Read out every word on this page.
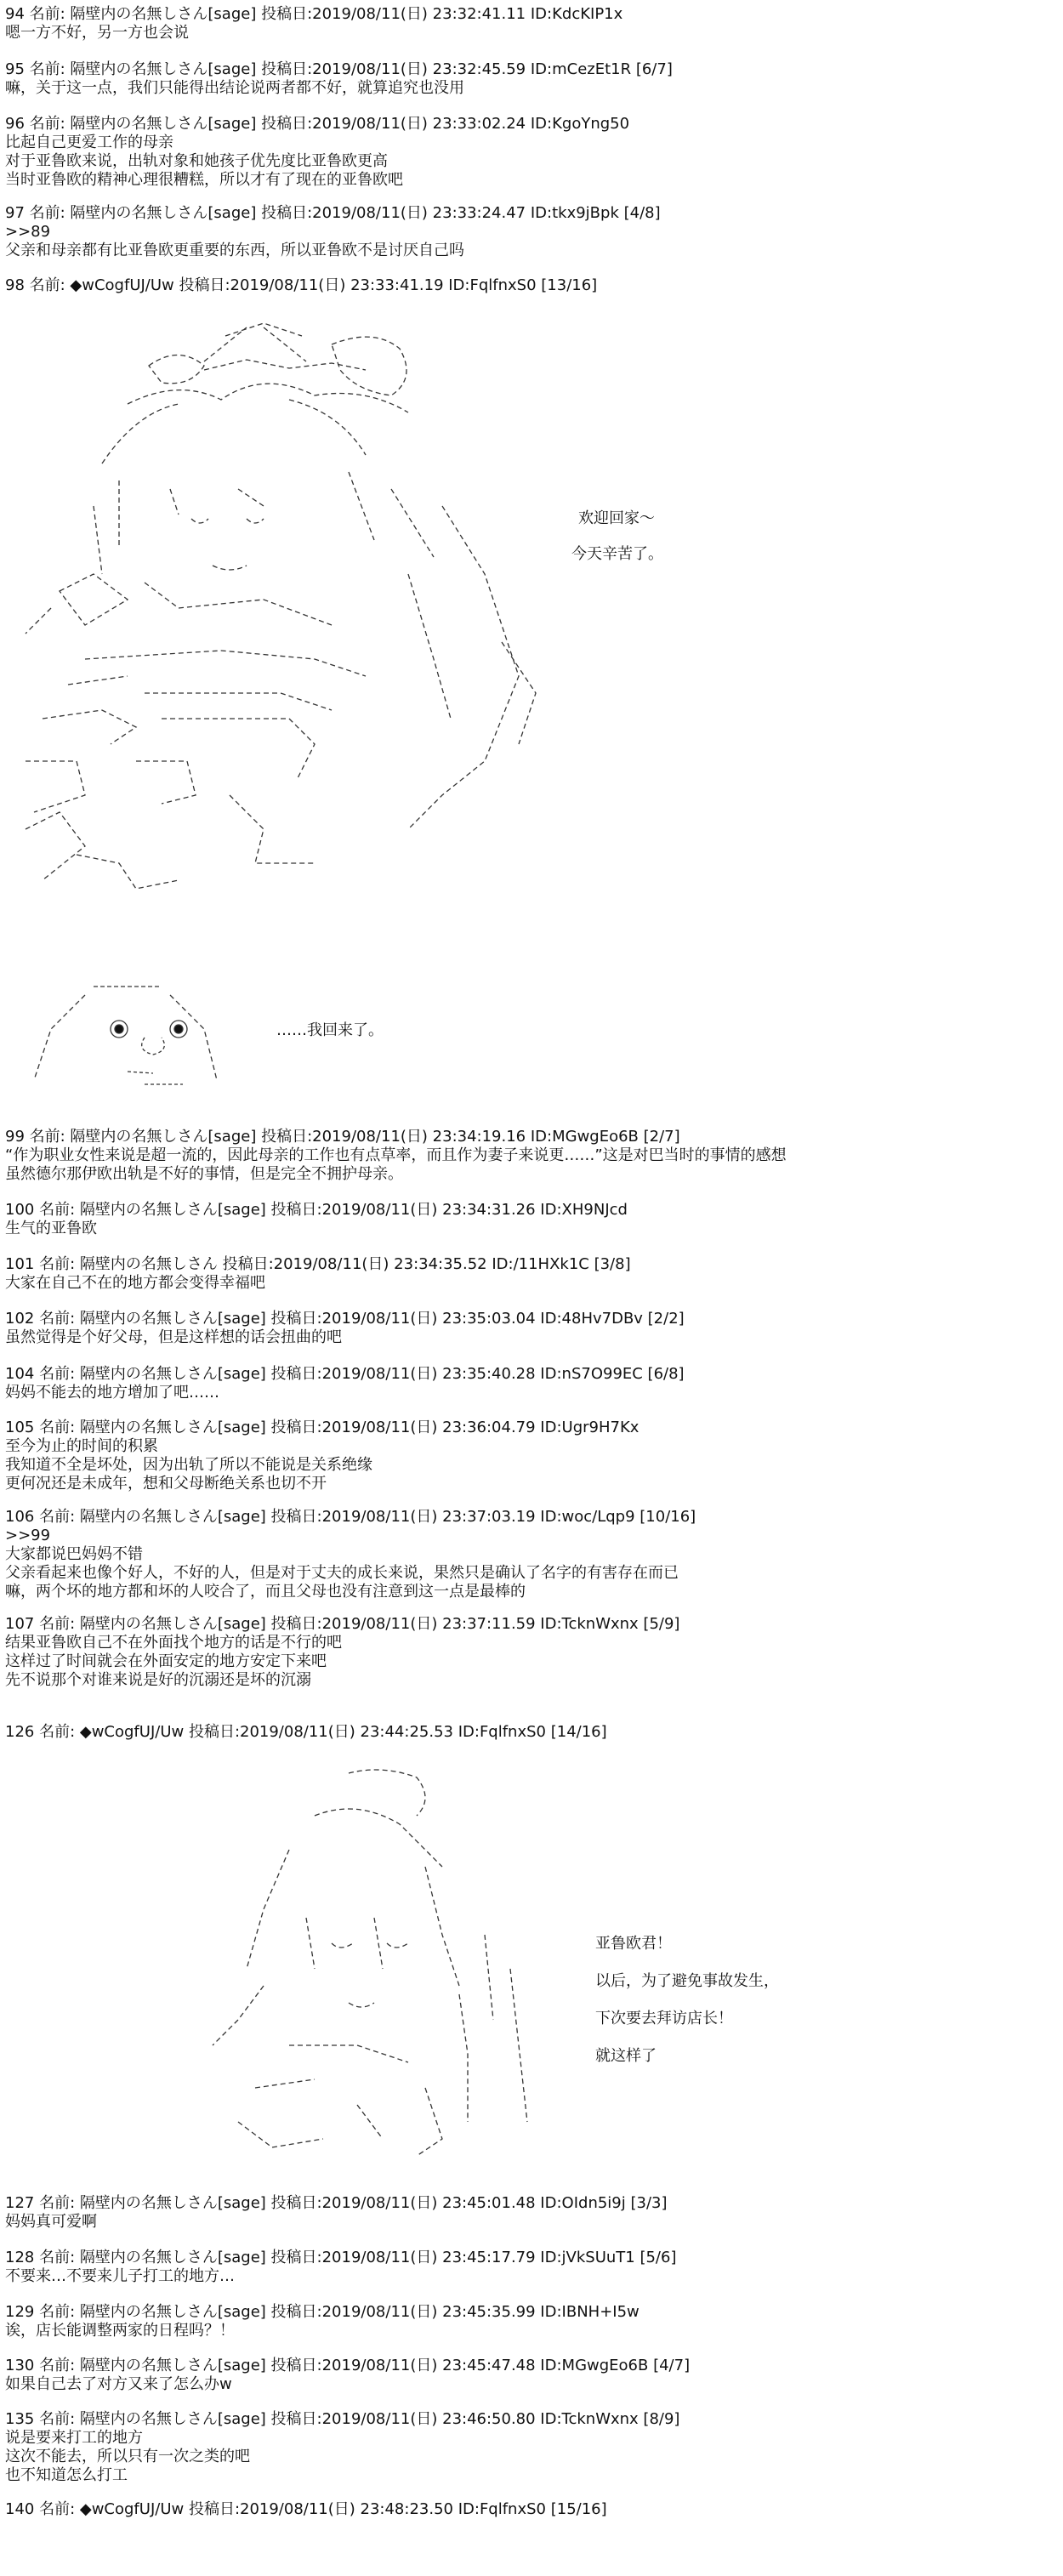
94 名前: 隔壁内の名無しさん[sage] 投稿日:2019/08/11(日) 23:32:41.11 ID:KdcKIP1x
嗯一方不好，另一方也会说
95 名前: 隔壁内の名無しさん[sage] 投稿日:2019/08/11(日) 23:32:45.59 ID:mCezEt1R [6/7]
嘛，关于这一点，我们只能得出结论说两者都不好，就算追究也没用
96 名前: 隔壁内の名無しさん[sage] 投稿日:2019/08/11(日) 23:33:02.24 ID:KgoYng50
比起自己更爱工作的母亲
对于亚鲁欧来说，出轨对象和她孩子优先度比亚鲁欧更高
当时亚鲁欧的精神心理很糟糕，所以才有了现在的亚鲁欧吧
97 名前: 隔壁内の名無しさん[sage] 投稿日:2019/08/11(日) 23:33:24.47 ID:tkx9jBpk [4/8]
>>89
父亲和母亲都有比亚鲁欧更重要的东西，所以亚鲁欧不是讨厌自己吗
98 名前: ◆wCogfUJ/Uw 投稿日:2019/08/11(日) 23:33:41.19 ID:FqlfnxS0 [13/16]
欢迎回家～
今天辛苦了。
……我回来了。
99 名前: 隔壁内の名無しさん[sage] 投稿日:2019/08/11(日) 23:34:19.16 ID:MGwgEo6B [2/7]
“作为职业女性来说是超一流的，因此母亲的工作也有点草率，而且作为妻子来说更……”这是对巴当时的事情的感想
虽然德尔那伊欧出轨是不好的事情，但是完全不拥护母亲。
100 名前: 隔壁内の名無しさん[sage] 投稿日:2019/08/11(日) 23:34:31.26 ID:XH9NJcd
生气的亚鲁欧
101 名前: 隔壁内の名無しさん 投稿日:2019/08/11(日) 23:34:35.52 ID:/11HXk1C [3/8]
大家在自己不在的地方都会变得幸福吧
102 名前: 隔壁内の名無しさん[sage] 投稿日:2019/08/11(日) 23:35:03.04 ID:48Hv7DBv [2/2]
虽然觉得是个好父母，但是这样想的话会扭曲的吧
104 名前: 隔壁内の名無しさん[sage] 投稿日:2019/08/11(日) 23:35:40.28 ID:nS7O99EC [6/8]
妈妈不能去的地方增加了吧……
105 名前: 隔壁内の名無しさん[sage] 投稿日:2019/08/11(日) 23:36:04.79 ID:Ugr9H7Kx
至今为止的时间的积累
我知道不全是坏处，因为出轨了所以不能说是关系绝缘
更何况还是未成年，想和父母断绝关系也切不开
106 名前: 隔壁内の名無しさん[sage] 投稿日:2019/08/11(日) 23:37:03.19 ID:woc/Lqp9 [10/16]
>>99
大家都说巴妈妈不错
父亲看起来也像个好人，不好的人，但是对于丈夫的成长来说，果然只是确认了名字的有害存在而已
嘛，两个坏的地方都和坏的人咬合了，而且父母也没有注意到这一点是最棒的
107 名前: 隔壁内の名無しさん[sage] 投稿日:2019/08/11(日) 23:37:11.59 ID:TcknWxnx [5/9]
结果亚鲁欧自己不在外面找个地方的话是不行的吧
这样过了时间就会在外面安定的地方安定下来吧
先不说那个对谁来说是好的沉溺还是坏的沉溺
126 名前: ◆wCogfUJ/Uw 投稿日:2019/08/11(日) 23:44:25.53 ID:FqlfnxS0 [14/16]
亚鲁欧君！
以后，为了避免事故发生，
下次要去拜访店长！
就这样了
127 名前: 隔壁内の名無しさん[sage] 投稿日:2019/08/11(日) 23:45:01.48 ID:OIdn5i9j [3/3]
妈妈真可爱啊
128 名前: 隔壁内の名無しさん[sage] 投稿日:2019/08/11(日) 23:45:17.79 ID:jVkSUuT1 [5/6]
不要来…不要来儿子打工的地方…
129 名前: 隔壁内の名無しさん[sage] 投稿日:2019/08/11(日) 23:45:35.99 ID:IBNH+I5w
诶，店长能调整两家的日程吗？！
130 名前: 隔壁内の名無しさん[sage] 投稿日:2019/08/11(日) 23:45:47.48 ID:MGwgEo6B [4/7]
如果自己去了对方又来了怎么办w
135 名前: 隔壁内の名無しさん[sage] 投稿日:2019/08/11(日) 23:46:50.80 ID:TcknWxnx [8/9]
说是要来打工的地方
这次不能去，所以只有一次之类的吧
也不知道怎么打工
140 名前: ◆wCogfUJ/Uw 投稿日:2019/08/11(日) 23:48:23.50 ID:FqlfnxS0 [15/16]
